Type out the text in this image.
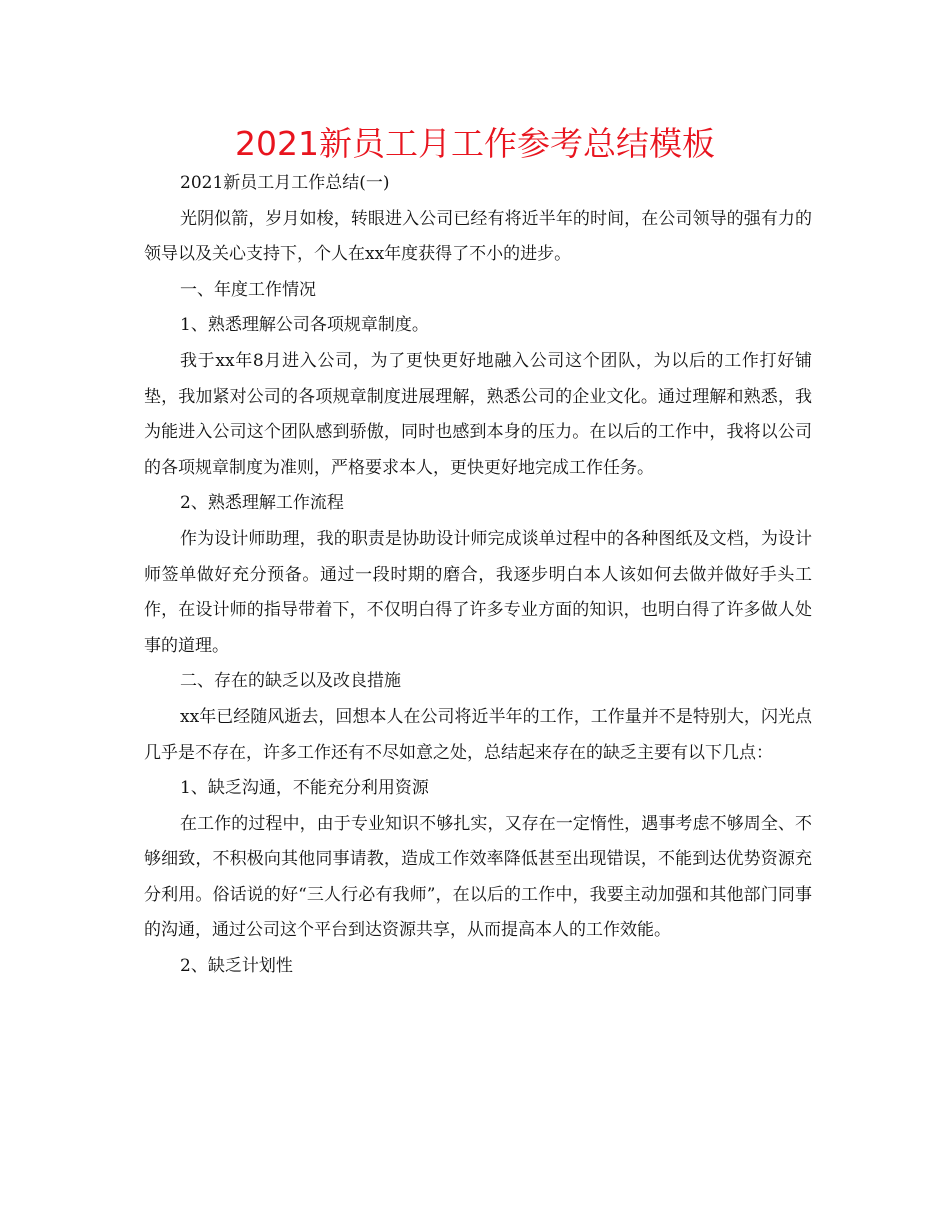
2021新员工月工作参考总结模板

2021新员工月工作总结(一)

光阴似箭，岁月如梭，转眼进入公司已经有将近半年的时间，在公司领导的强有力的领导以及关心支持下，个人在xx年度获得了不小的进步。

一、年度工作情况

1、熟悉理解公司各项规章制度。

我于xx年8月进入公司，为了更快更好地融入公司这个团队，为以后的工作打好铺垫，我加紧对公司的各项规章制度进展理解，熟悉公司的企业文化。通过理解和熟悉，我为能进入公司这个团队感到骄傲，同时也感到本身的压力。在以后的工作中，我将以公司的各项规章制度为准则，严格要求本人，更快更好地完成工作任务。

2、熟悉理解工作流程

作为设计师助理，我的职责是协助设计师完成谈单过程中的各种图纸及文档，为设计师签单做好充分预备。通过一段时期的磨合，我逐步明白本人该如何去做并做好手头工作，在设计师的指导带着下，不仅明白得了许多专业方面的知识，也明白得了许多做人处事的道理。

二、存在的缺乏以及改良措施

xx年已经随风逝去，回想本人在公司将近半年的工作，工作量并不是特别大，闪光点几乎是不存在，许多工作还有不尽如意之处，总结起来存在的缺乏主要有以下几点：

1、缺乏沟通，不能充分利用资源

在工作的过程中，由于专业知识不够扎实，又存在一定惰性，遇事考虑不够周全、不够细致，不积极向其他同事请教，造成工作效率降低甚至出现错误，不能到达优势资源充分利用。俗话说的好“三人行必有我师”，在以后的工作中，我要主动加强和其他部门同事的沟通，通过公司这个平台到达资源共享，从而提高本人的工作效能。

2、缺乏计划性
